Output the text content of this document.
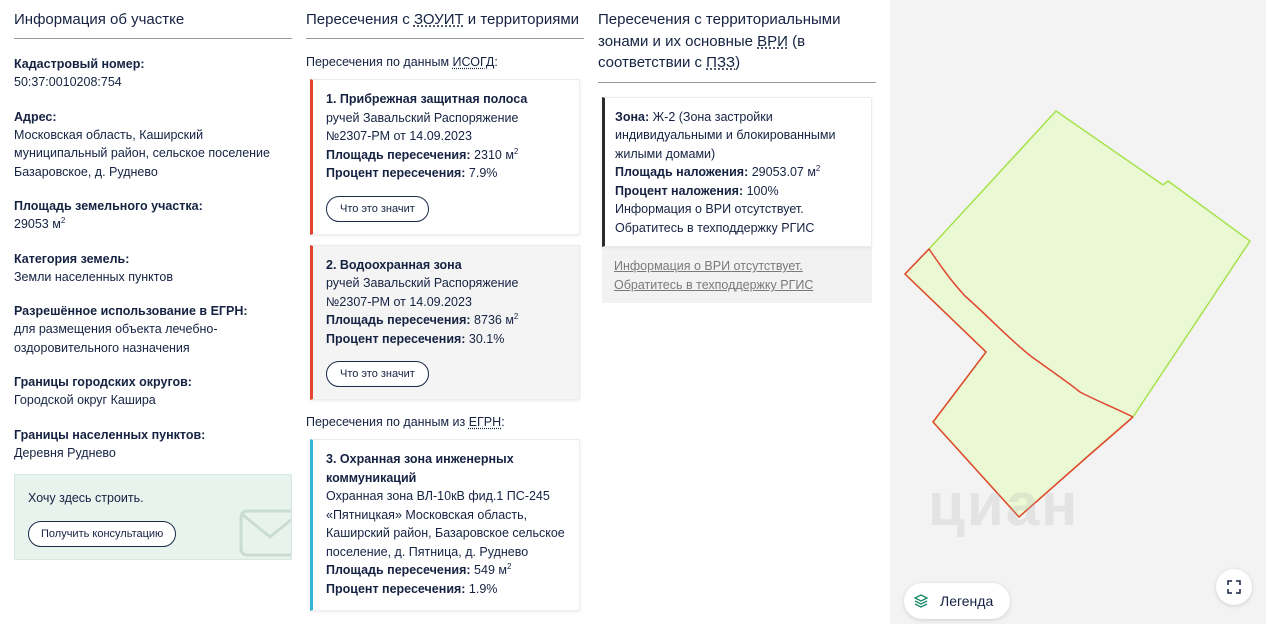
Информация об участке
Кадастровый номер:
50:37:0010208:754
Адрес:
Московская область, Каширский муниципальный район, сельское поселение Базаровское, д. Руднево
Площадь земельного участка:
29053 $м^2$
Категория земель:
Земли населенных пунктов
Разрешённое использование в ЕГРН:
для размещения объекта лечебно-оздоровительного назначения
Границы городских округов:
Городской округ Кашира
Границы населенных пунктов:
Деревня Руднево
Хочу здесь строить.
Получить консультацию
Пересечения с ЗОУИТ и территориями
Пересечения по данным ИСОГД:
1. Прибрежная защитная полоса
ручей Завальский Распоряжение №2307-РМ от 14.09.2023
Площадь пересечения: 2310 $м^2$
Процент пересечения: 7.9%
Что это значит
2. Водоохранная зона
ручей Завальский Распоряжение №2307-РМ от 14.09.2023
Площадь пересечения: 8736 $м^2$
Процент пересечения: 30.1%
Что это значит
Пересечения по данным из ЕГРН:
3. Охранная зона инженерных коммуникаций
Охранная зона ВЛ-10кВ фид.1 ПС-245 «Пятницкая» Московская область, Каширский район, Базаровское сельское поселение, д. Пятница, д. Руднево
Площадь пересечения: 549 $м^2$
Процент пересечения: 1.9%
Пересечения с территориальными зонами и их основные ВРИ (в соответствии с ПЗЗ)
Зона: Ж-2 (Зона застройки индивидуальными и блокированными жилыми домами)
Площадь наложения: 29053.07 $м^2$
Процент наложения: 100%
Информация о ВРИ отсутствует. Обратитесь в техподдержку РГИС
Информация о ВРИ отсутствует. Обратитесь в техподдержку РГИС
циан
Легенда
